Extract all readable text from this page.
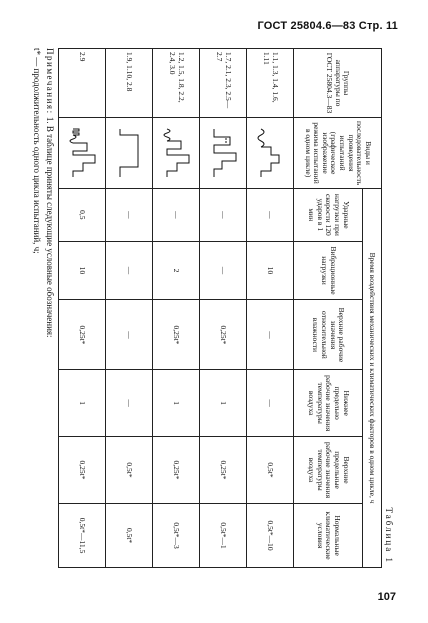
ГОСТ 25804.6—83 Стр. 11
Таблица 1
Группы аппаратуры по ГОСТ 25804.3—83	Виды и последовательность проведения испытаний (графическое изображение режима испытаний в одном цикле)	Время воздействия механических и климатических факторов в одном цикле, ч					
		Ударные нагрузки при скорости 120 ударов в 1 мин	Вибрационные нагрузки	Верхние рабочие значения относительной влажности	Нижнее предельно рабочие значения температуры воздуха	Верхние предельные рабочие значения температуры воздуха	Нормальные климатические условия
1.1, 1.3, 1.4, 1.6, 1.11		—	10	—	—	0,5t*	0,5t*—10
1.7, 2.1, 2.3, 2.5—2.7		—	—	0,25t*	1	0,25t*	0,5t*—1
1.2, 1.5, 1.8, 2.2, 2.4, 3.0		—	2	0,25t*	1	0,25t*	0,5t*—3
1.9, 1.10, 2.8		—	—	—	—	0,5t*	0,5t*
2.9		0,5	10	0,25t*	1	0,25t*	0,5t*—11,5
Примечания: 1. В таблице приняты следующие условные обозначения:
t* — продолжительность одного цикла испытаний, ч;
107
